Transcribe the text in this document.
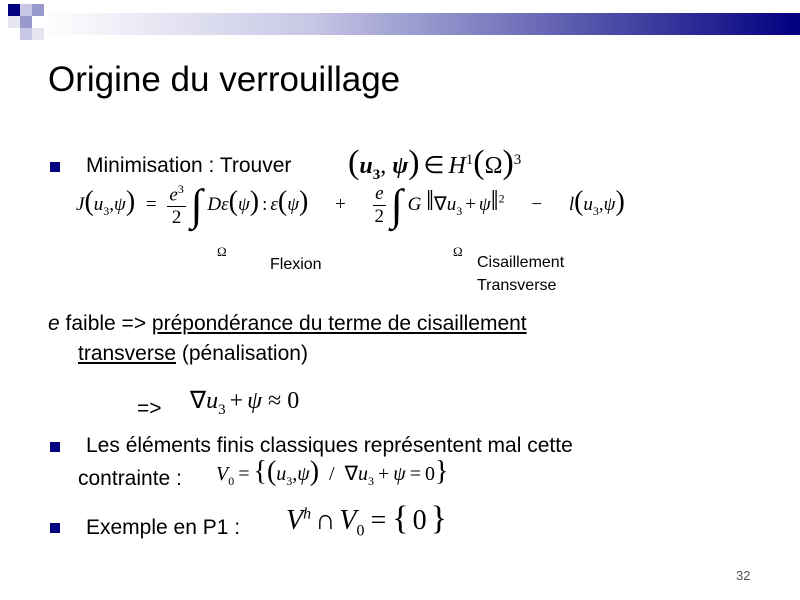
Origine du verrouillage
Minimisation : Trouver ($u_3$, ψ) ∈ $H^1(\Omega)^3$
$J(u_3,\psi) = \frac{e^3}{2}$ ∫ Dε(ψ) : $\varepsilon(\psi) + \frac{e}{2}$ ∫ G $‖\nabla u_3$ + ψ‖$^2$ − $l(u_3,\psi)$
Ω	Ω
Flexion	Cisaillement
Transverse
e faible => prépondérance du terme de cisaillement
transverse (pénalisation)
=> $\nabla u_3 + \psi \approx 0$
Les éléments finis classiques représentent mal cette
contrainte : $V_0 = \{(u_3,\psi) / \nabla u_3 + \psi = 0\}$
Exemple en P1 : $V^h$ ∩ $V_0$ = { 0 }
32
